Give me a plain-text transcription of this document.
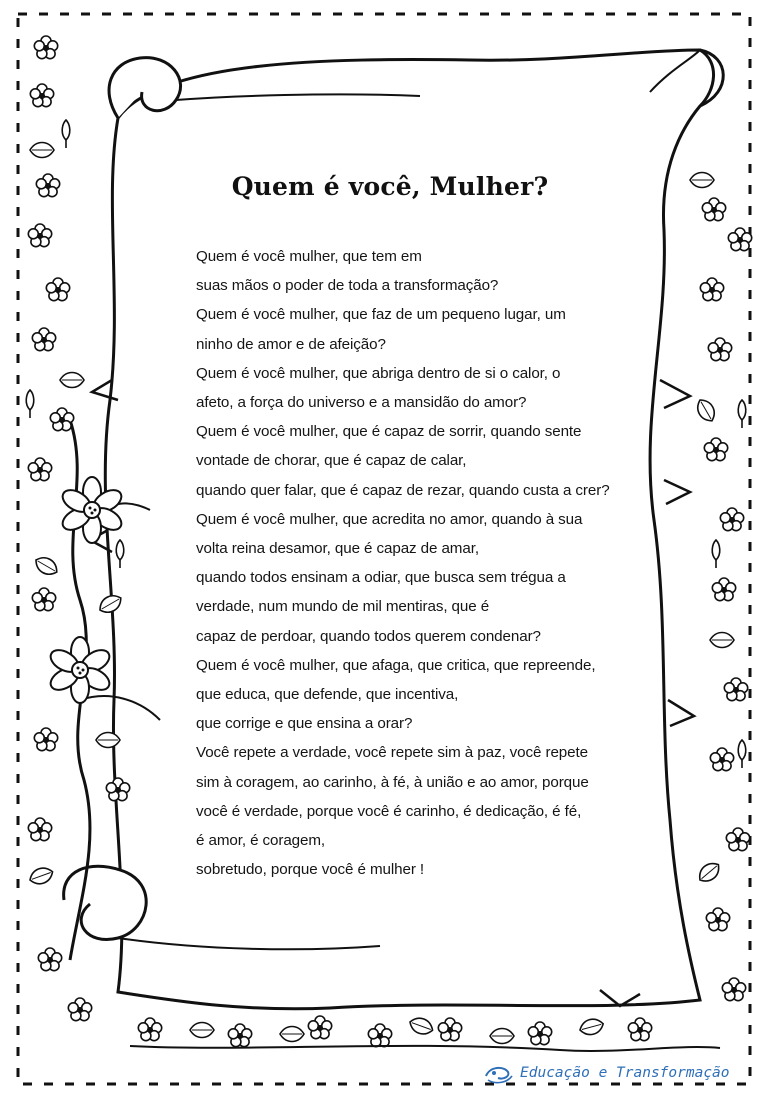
Quem é você, Mulher?
Quem é você mulher, que tem em
suas mãos o poder de toda a transformação?
Quem é você mulher, que faz de um pequeno lugar, um
ninho de amor e de afeição?
Quem é você mulher, que abriga dentro de si o calor, o
afeto, a força do universo e a mansidão do amor?
Quem é você mulher, que é capaz de sorrir, quando sente
vontade de chorar, que é capaz de calar,
quando quer falar, que é capaz de rezar, quando custa a crer?
Quem é você mulher, que acredita no amor, quando à sua
volta reina desamor, que é capaz de amar,
quando todos ensinam a odiar, que busca sem trégua a
verdade, num mundo de mil mentiras, que é
capaz de perdoar, quando todos querem condenar?
Quem é você mulher, que afaga, que critica, que repreende,
que educa, que defende, que incentiva,
que corrige e que ensina a orar?
Você repete a verdade, você repete sim à paz, você repete
sim à coragem, ao carinho, à fé, à união e ao amor, porque
você é verdade, porque você é carinho, é dedicação, é fé,
é amor, é coragem,
sobretudo, porque você é mulher !
Educação e Transformação
